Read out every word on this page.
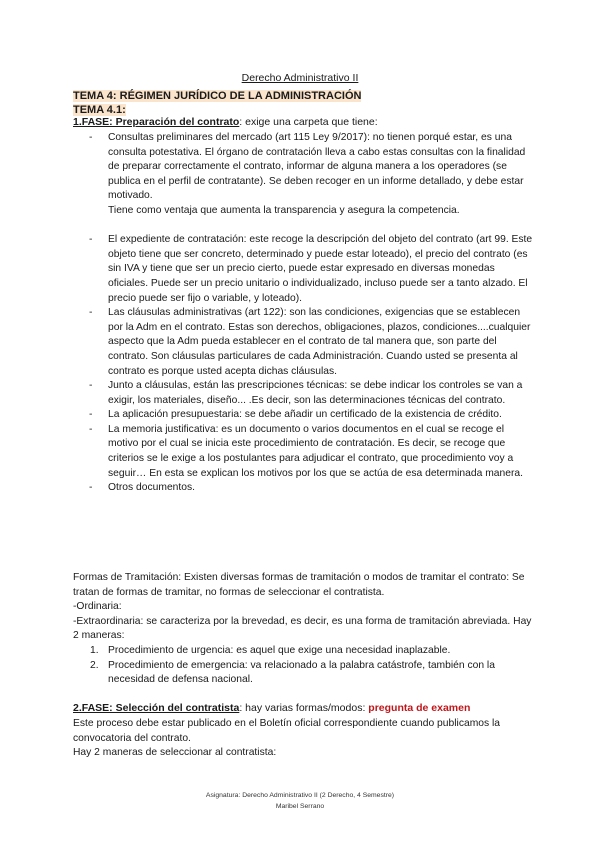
Derecho Administrativo II
TEMA 4: RÉGIMEN JURÍDICO DE LA ADMINISTRACIÓN
TEMA 4.1:
1.FASE: Preparación del contrato: exige una carpeta que tiene:
- Consultas preliminares del mercado (art 115 Ley 9/2017): no tienen porqué estar, es una consulta potestativa. El órgano de contratación lleva a cabo estas consultas con la finalidad de preparar correctamente el contrato, informar de alguna manera a los operadores (se publica en el perfil de contratante). Se deben recoger en un informe detallado, y debe estar motivado.
Tiene como ventaja que aumenta la transparencia y asegura la competencia.
- El expediente de contratación: este recoge la descripción del objeto del contrato (art 99. Este objeto tiene que ser concreto, determinado y puede estar loteado), el precio del contrato (es sin IVA y tiene que ser un precio cierto, puede estar expresado en diversas monedas oficiales. Puede ser un precio unitario o individualizado, incluso puede ser a tanto alzado. El precio puede ser fijo o variable, y loteado).
- Las cláusulas administrativas (art 122): son las condiciones, exigencias que se establecen por la Adm en el contrato. Estas son derechos, obligaciones, plazos, condiciones....cualquier aspecto que la Adm pueda establecer en el contrato de tal manera que, son parte del contrato. Son cláusulas particulares de cada Administración. Cuando usted se presenta al contrato es porque usted acepta dichas cláusulas.
- Junto a cláusulas, están las prescripciones técnicas: se debe indicar los controles se van a exigir, los materiales, diseño... .Es decir, son las determinaciones técnicas del contrato.
- La aplicación presupuestaria: se debe añadir un certificado de la existencia de crédito.
- La memoria justificativa: es un documento o varios documentos en el cual se recoge el motivo por el cual se inicia este procedimiento de contratación. Es decir, se recoge que criterios se le exige a los postulantes para adjudicar el contrato, que procedimiento voy a seguir… En esta se explican los motivos por los que se actúa de esa determinada manera.
- Otros documentos.
Formas de Tramitación: Existen diversas formas de tramitación o modos de tramitar el contrato: Se tratan de formas de tramitar, no formas de seleccionar el contratista.
-Ordinaria:
-Extraordinaria: se caracteriza por la brevedad, es decir, es una forma de tramitación abreviada. Hay 2 maneras:
1. Procedimiento de urgencia: es aquel que exige una necesidad inaplazable.
2. Procedimiento de emergencia: va relacionado a la palabra catástrofe, también con la necesidad de defensa nacional.
2.FASE: Selección del contratista: hay varias formas/modos: pregunta de examen
Este proceso debe estar publicado en el Boletín oficial correspondiente cuando publicamos la convocatoria del contrato.
Hay 2 maneras de seleccionar al contratista:
Asignatura: Derecho Administrativo II (2 Derecho, 4 Semestre)
Maribel Serrano
